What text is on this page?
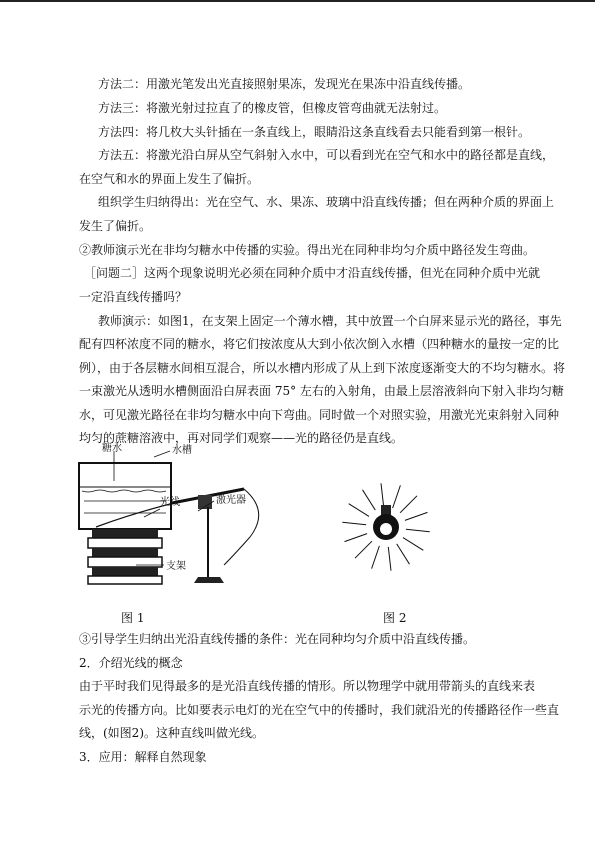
方法二：用激光笔发出光直接照射果冻，发现光在果冻中沿直线传播。
方法三：将激光射过拉直了的橡皮管，但橡皮管弯曲就无法射过。
方法四：将几枚大头针插在一条直线上，眼睛沿这条直线看去只能看到第一根针。
方法五：将激光沿白屏从空气斜射入水中，可以看到光在空气和水中的路径都是直线，
在空气和水的界面上发生了偏折。
组织学生归纳得出：光在空气、水、果冻、玻璃中沿直线传播；但在两种介质的界面上
发生了偏折。
②教师演示光在非均匀糖水中传播的实验。得出光在同种非均匀介质中路径发生弯曲。
［问题二］这两个现象说明光必须在同种介质中才沿直线传播，但光在同种介质中光就
一定沿直线传播吗？
教师演示：如图1，在支架上固定一个薄水槽，其中放置一个白屏来显示光的路径，事先
配有四杯浓度不同的糖水，将它们按浓度从大到小依次倒入水槽（四种糖水的量按一定的比
例），由于各层糖水间相互混合，所以水槽内形成了从上到下浓度逐渐变大的不均匀糖水。将
一束激光从透明水槽侧面沿白屏表面 75° 左右的入射角，由最上层溶液斜向下射入非均匀糖
水，可见激光路径在非均匀糖水中向下弯曲。同时做一个对照实验，用激光光束斜射入同种
均匀的蔗糖溶液中，再对同学们观察——光的路径仍是直线。
③引导学生归纳出光沿直线传播的条件：光在同种均匀介质中沿直线传播。
2．介绍光线的概念
由于平时我们见得最多的是光沿直线传播的情形。所以物理学中就用带箭头的直线来表
示光的传播方向。比如要表示电灯的光在空气中的传播时，我们就沿光的传播路径作一些直
线，(如图2)。这种直线叫做光线。
3．应用：解释自然现象
糖水	水槽
光线	激光器
支架
图 1	图 2
